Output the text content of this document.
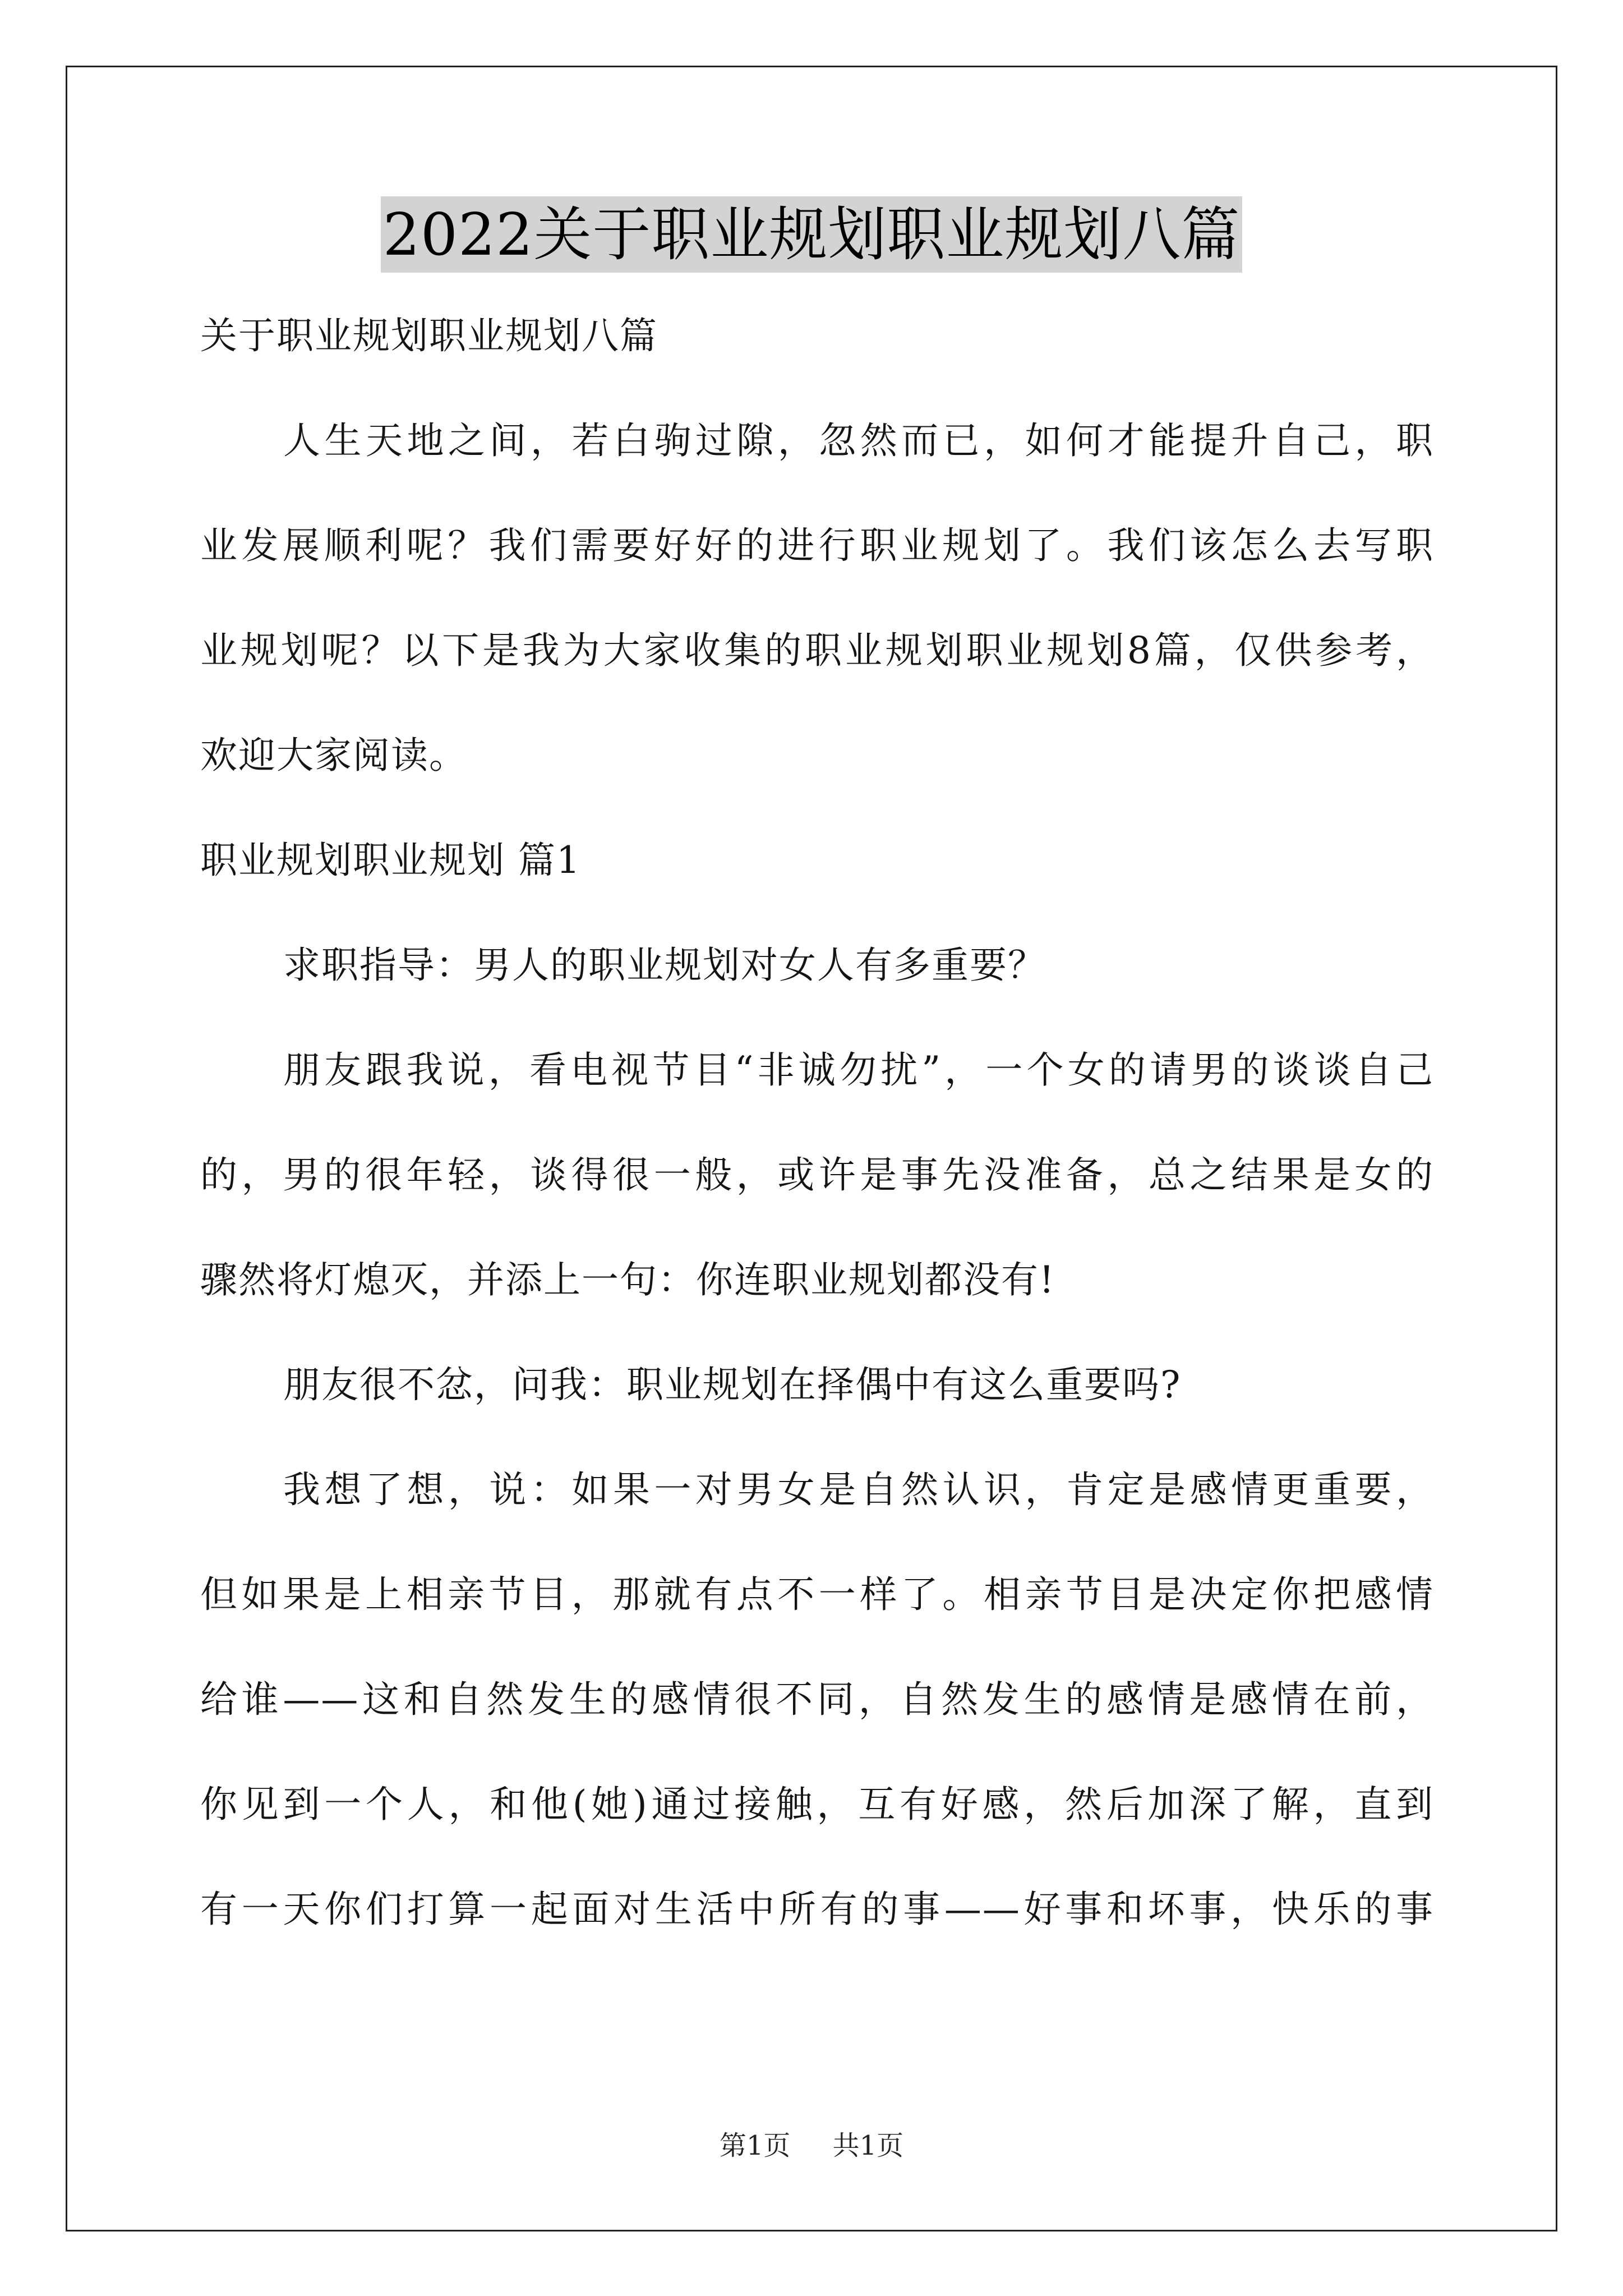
2022关于职业规划职业规划八篇

关于职业规划职业规划八篇

人生天地之间，若白驹过隙，忽然而已，如何才能提升自己，职

业发展顺利呢？我们需要好好的进行职业规划了。我们该怎么去写职

业规划呢？以下是我为大家收集的职业规划职业规划8篇，仅供参考，

欢迎大家阅读。

职业规划职业规划 篇1

求职指导：男人的职业规划对女人有多重要？

朋友跟我说，看电视节目“非诚勿扰”，一个女的请男的谈谈自己

的，男的很年轻，谈得很一般，或许是事先没准备，总之结果是女的

骤然将灯熄灭，并添上一句：你连职业规划都没有!

朋友很不忿，问我：职业规划在择偶中有这么重要吗?

我想了想，说：如果一对男女是自然认识，肯定是感情更重要，

但如果是上相亲节目，那就有点不一样了。相亲节目是决定你把感情

给谁——这和自然发生的感情很不同，自然发生的感情是感情在前，

你见到一个人，和他(她)通过接触，互有好感，然后加深了解，直到

有一天你们打算一起面对生活中所有的事——好事和坏事，快乐的事

第1页 共1页
